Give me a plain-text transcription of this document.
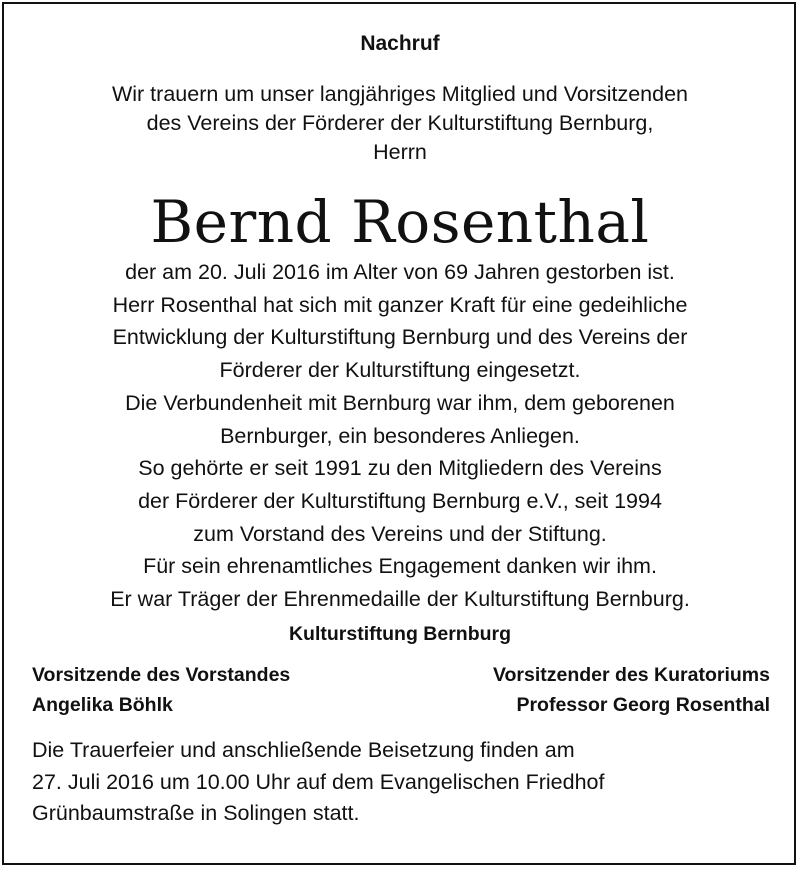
Nachruf
Wir trauern um unser langjähriges Mitglied und Vorsitzenden
des Vereins der Förderer der Kulturstiftung Bernburg,
Herrn
Bernd Rosenthal
der am 20. Juli 2016 im Alter von 69 Jahren gestorben ist.
Herr Rosenthal hat sich mit ganzer Kraft für eine gedeihliche
Entwicklung der Kulturstiftung Bernburg und des Vereins der
Förderer der Kulturstiftung eingesetzt.
Die Verbundenheit mit Bernburg war ihm, dem geborenen
Bernburger, ein besonderes Anliegen.
So gehörte er seit 1991 zu den Mitgliedern des Vereins
der Förderer der Kulturstiftung Bernburg e.V., seit 1994
zum Vorstand des Vereins und der Stiftung.
Für sein ehrenamtliches Engagement danken wir ihm.
Er war Träger der Ehrenmedaille der Kulturstiftung Bernburg.
Kulturstiftung Bernburg
Vorsitzende des Vorstandes
Angelika Böhlk
Vorsitzender des Kuratoriums
Professor Georg Rosenthal
Die Trauerfeier und anschließende Beisetzung finden am
27. Juli 2016 um 10.00 Uhr auf dem Evangelischen Friedhof
Grünbaumstraße in Solingen statt.
